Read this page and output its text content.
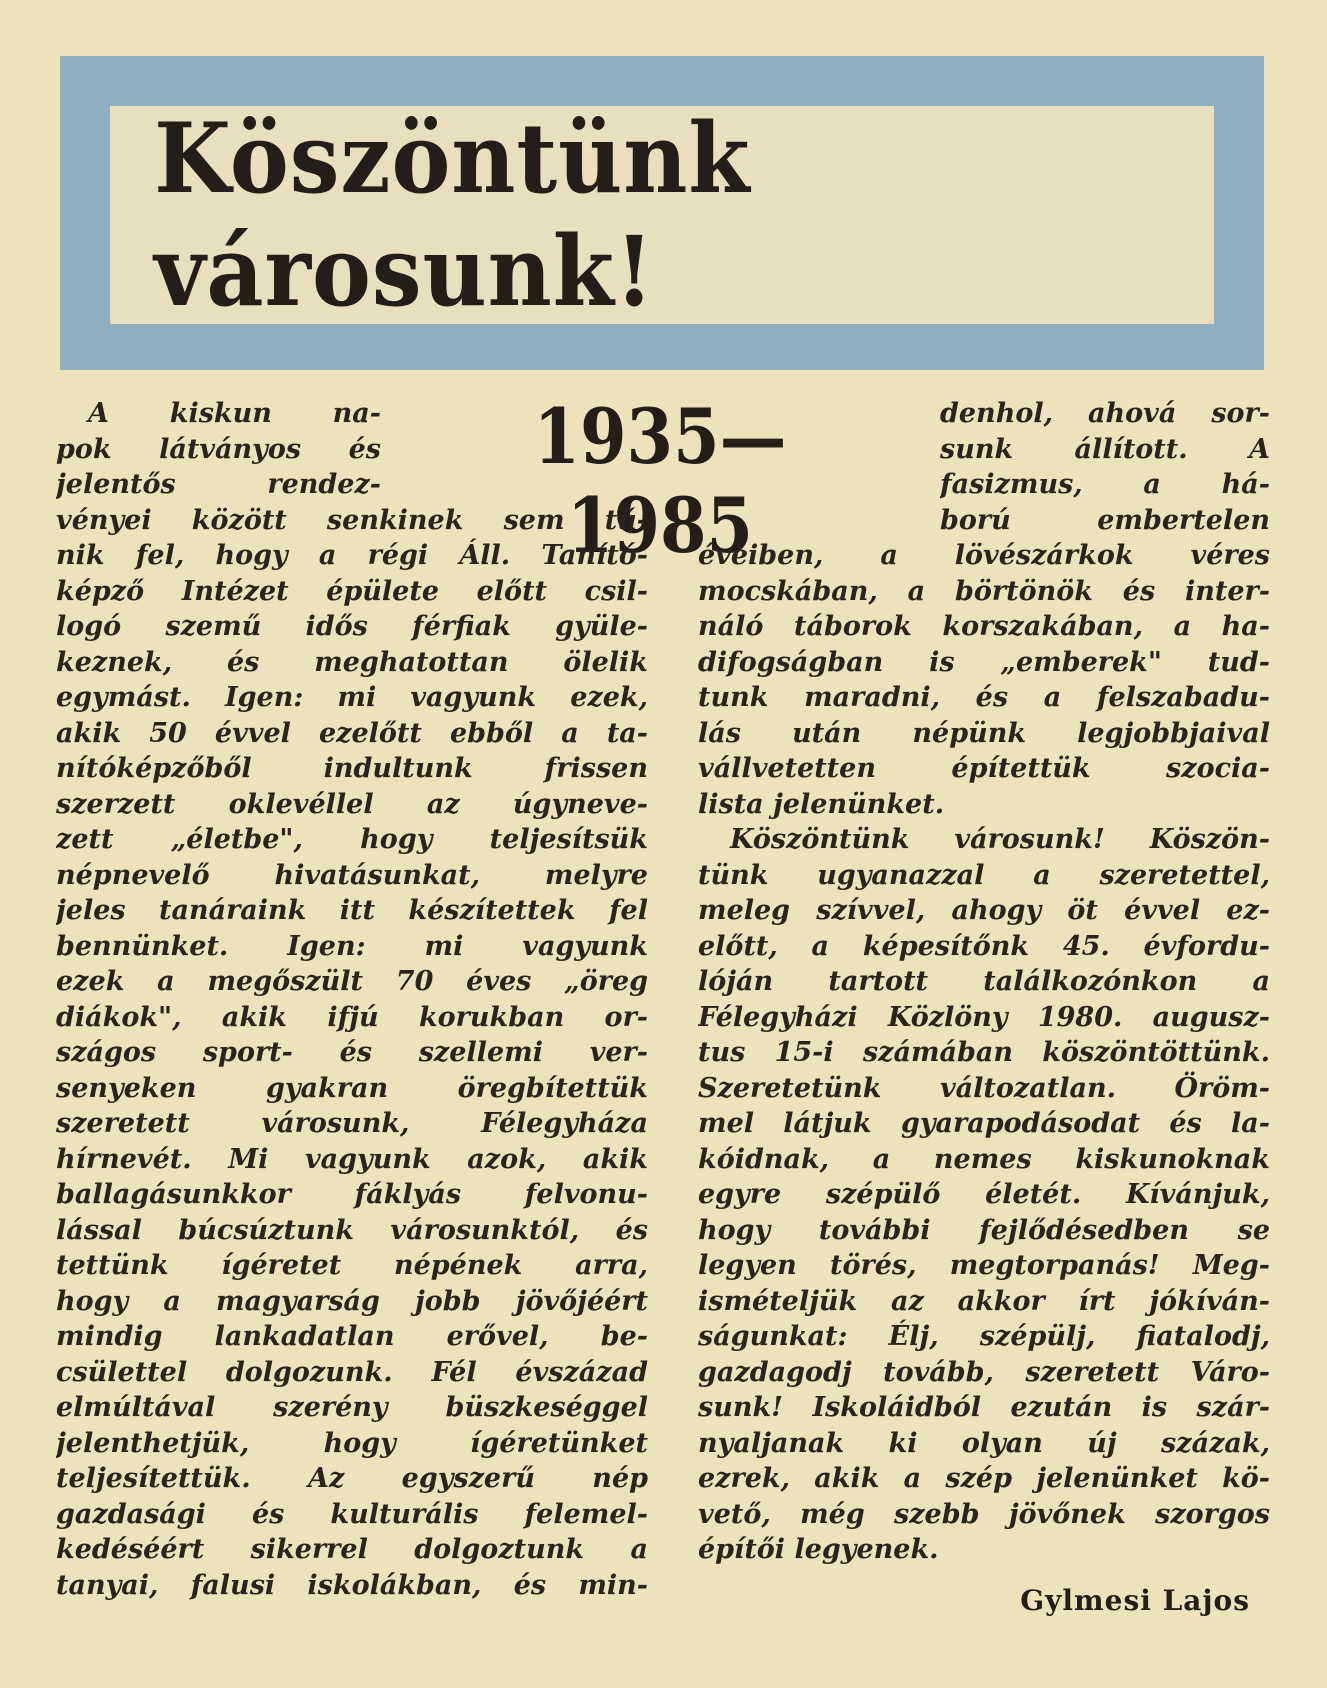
Köszöntünk városunk!
1935—1985
A kiskun na-
pok látványos és
jelentős rendez-
vényei között senkinek sem tű-
nik fel, hogy a régi Áll. Tanító-
képző Intézet épülete előtt csil-
logó szemű idős férfiak gyüle-
keznek, és meghatottan ölelik
egymást. Igen: mi vagyunk ezek,
akik 50 évvel ezelőtt ebből a ta-
nítóképzőből indultunk frissen
szerzett oklevéllel az úgyneve-
zett „életbe", hogy teljesítsük
népnevelő hivatásunkat, melyre
jeles tanáraink itt készítettek fel
bennünket. Igen: mi vagyunk
ezek a megőszült 70 éves „öreg
diákok", akik ifjú korukban or-
szágos sport- és szellemi ver-
senyeken gyakran öregbítettük
szeretett városunk, Félegyháza
hírnevét. Mi vagyunk azok, akik
ballagásunkkor fáklyás felvonu-
lással búcsúztunk városunktól, és
tettünk ígéretet népének arra,
hogy a magyarság jobb jövőjéért
mindig lankadatlan erővel, be-
csülettel dolgozunk. Fél évszázad
elmúltával szerény büszkeséggel
jelenthetjük, hogy ígéretünket
teljesítettük. Az egyszerű nép
gazdasági és kulturális felemel-
kedéséért sikerrel dolgoztunk a
tanyai, falusi iskolákban, és min-
denhol, ahová sor-
sunk állított. A
fasizmus, a há-
ború embertelen
éveiben, a lövészárkok véres
mocskában, a börtönök és inter-
náló táborok korszakában, a ha-
difogságban is „emberek" tud-
tunk maradni, és a felszabadu-
lás után népünk legjobbjaival
vállvetetten építettük szocia-
lista jelenünket.
Köszöntünk városunk! Köszön-
tünk ugyanazzal a szeretettel,
meleg szívvel, ahogy öt évvel ez-
előtt, a képesítőnk 45. évfordu-
lóján tartott találkozónkon a
Félegyházi Közlöny 1980. augusz-
tus 15-i számában köszöntöttünk.
Szeretetünk változatlan. Öröm-
mel látjuk gyarapodásodat és la-
kóidnak, a nemes kiskunoknak
egyre szépülő életét. Kívánjuk,
hogy további fejlődésedben se
legyen törés, megtorpanás! Meg-
ismételjük az akkor írt jókíván-
ságunkat: Élj, szépülj, fiatalodj,
gazdagodj tovább, szeretett Váro-
sunk! Iskoláidból ezután is szár-
nyaljanak ki olyan új százak,
ezrek, akik a szép jelenünket kö-
vető, még szebb jövőnek szorgos
építői legyenek.
Gylmesi Lajos
